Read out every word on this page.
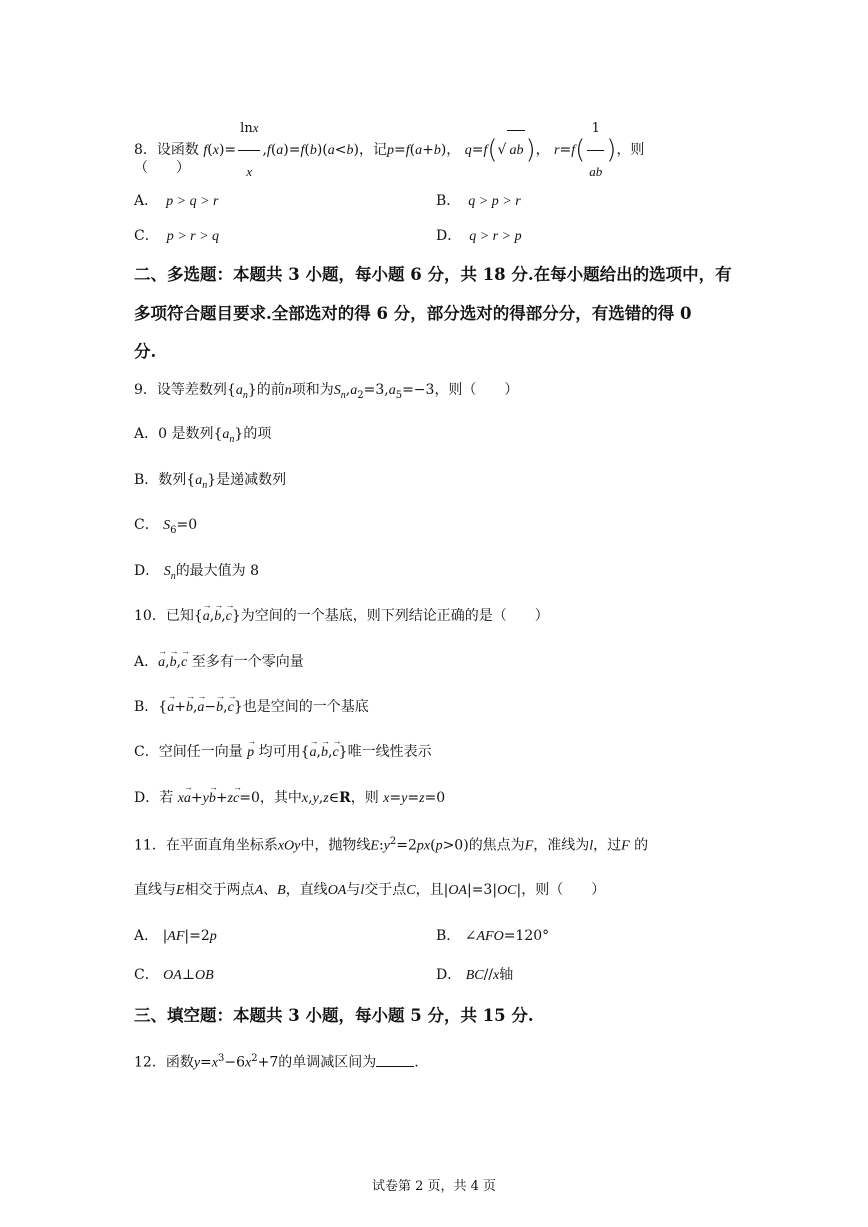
8．设函数 $f(x)= \frac{\ln x}{x} ,f(a)=f(b)(a<b)$，记p=f(a+b)， q=f(√ ab)， $r=f( \frac{1}{ab}$ )，则
（　　）
A． p > q > r	B． q > p > r
C． p > r > q	D． q > r > p
二、多选题：本题共 3 小题，每小题 6 分，共 18 分.在每小题给出的选项中，有
多项符合题目要求.全部选对的得 6 分，部分选对的得部分分，有选错的得 0
分.
9．设等差数列$\{a_n\}$的前n项和为$S_n,a_2=3,a_5=-3$，则（　　）
A．0 是数列$\{a_n\}$的项
B．数列$\{a_n\}$是递减数列
C． $S_6=0$
D． $S_n$的最大值为 8
10．已知{→ a,→ b,→ c}为空间的一个基底，则下列结论正确的是（　　）
A．→ a,→ b,→ c 至多有一个零向量
B．{→ a+→ b,→ a−→ b,→ c}也是空间的一个基底
C．空间任一向量 → p 均可用{→ a,→ b,→ c}唯一线性表示
D．若 x→ a+y→ b+z→ c=0，其中x,y,z∈R，则 x=y=z=0
11．在平面直角坐标系xOy中，抛物线$E:y^2=2px(p>0)$的焦点为F，准线为l，过F 的
直线与E相交于两点A、B，直线OA与l交于点C，且|OA|=3|OC|，则（　　）
A． |AF|=2p	B． ∠AFO=120°
C． OA⊥OB	D． BC//x轴
三、填空题：本题共 3 小题，每小题 5 分，共 15 分.
12．函数$y=x^3-6x^2+7$的单调减区间为	.
试卷第 2 页，共 4 页
